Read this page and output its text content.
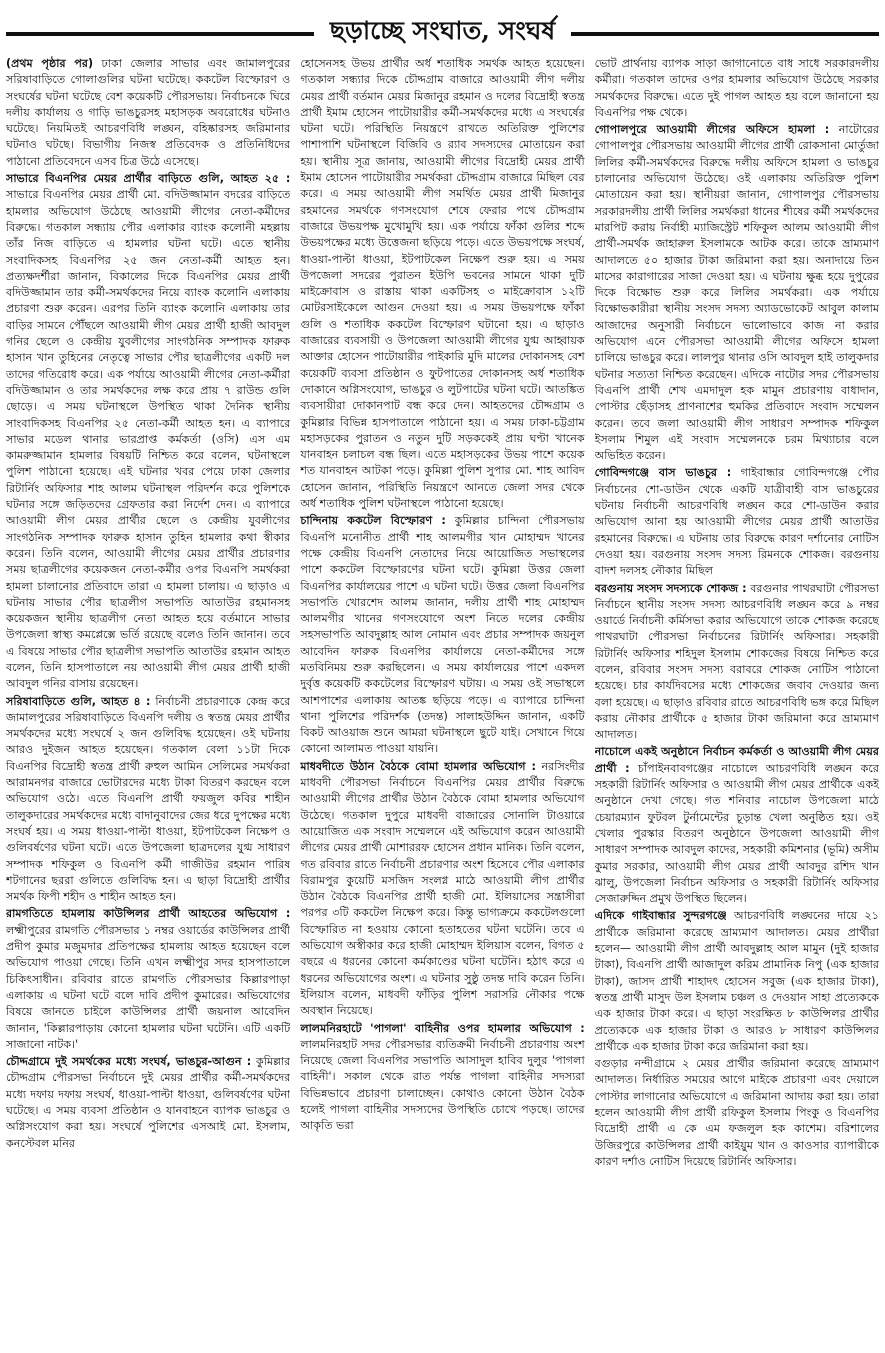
ছড়াচ্ছে সংঘাত, সংঘর্ষ

(প্রথম পৃষ্ঠার পর) ঢাকা জেলার সাভার এবং জামালপুরের সরিষাবাড়িতে গোলাগুলির ঘটনা ঘটেছে। ককটেল বিস্ফোরণ ও সংঘর্ষের ঘটনা ঘটেছে বেশ কয়েকটি পৌরসভায়। নির্বাচনকে ঘিরে দলীয় কার্যালয় ও গাড়ি ভাঙচুরসহ মহাসড়ক অবরোধের ঘটনাও ঘটেছে। নিয়মিতই আচরণবিধি লঙ্ঘন, বহিষ্কারসহ জরিমানার ঘটনাও ঘটছে। বিভাগীয় নিজস্ব প্রতিবেদক ও প্রতিনিধিদের পাঠানো প্রতিবেদনে এসব চিত্র উঠে এসেছে।

সাভারে বিএনপির মেয়র প্রার্থীর বাড়িতে গুলি, আহত ২৫ : সাভারে বিএনপির মেয়র প্রার্থী মো. বদিউজ্জামান বদরের বাড়িতে হামলার অভিযোগ উঠেছে আওয়ামী লীগের নেতা-কর্মীদের বিরুদ্ধে। গতকাল সন্ধ্যায় পৌর এলাকার ব্যাংক কলোনী মহল্লায় তাঁর নিজ বাড়িতে এ হামলার ঘটনা ঘটে। এতে স্থানীয় সংবাদিকসহ বিএনপির ২৫ জন নেতা-কর্মী আহত হন। প্রত্যক্ষদর্শীরা জানান, বিকালের দিকে বিএনপির মেয়র প্রার্থী বদিউজ্জামান তার কর্মী-সমর্থকদের নিয়ে ব্যাংক কলোনি এলাকায় প্রচারণা শুরু করেন। এরপর তিনি ব্যাংক কলোনি এলাকায় তার বাড়ির সামনে পৌঁছলে আওয়ামী লীগ মেয়র প্রার্থী হাজী আবদুল গনির ছেলে ও কেন্দ্রীয় যুবলীগের সাংগঠনিক সম্পাদক ফারুক হাসান খান তুহিনের নেতৃত্বে সাভার পৌর ছাত্রলীগের একটি দল তাদের গতিরোধ করে। এক পর্যায়ে আওয়ামী লীগের নেতা-কর্মীরা বদিউজ্জামান ও তার সমর্থকদের লক্ষ করে প্রায় ৭ রাউন্ড গুলি ছোড়ে। এ সময় ঘটনাস্থলে উপস্থিত থাকা দৈনিক স্থানীয় সাংবাদিকসহ বিএনপির ২৫ নেতা-কর্মী আহত হন। এ ব্যাপারে সাভার মডেল থানার ভারপ্রাপ্ত কর্মকর্তা (ওসি) এস এম কামরুজ্জামান হামলার বিষয়টি নিশ্চিত করে বলেন, ঘটনাস্থলে পুলিশ পাঠানো হয়েছে। এই ঘটনার খবর পেয়ে ঢাকা জেলার রিটার্নিং অফিসার শাহ আলম ঘটনাস্থল পরিদর্শন করে পুলিশকে ঘটনার সঙ্গে জড়িতদের গ্রেফতার করা নির্দেশ দেন। এ ব্যাপারে আওয়ামী লীগ মেয়র প্রার্থীর ছেলে ও কেন্দ্রীয় যুবলীগের সাংগঠনিক সম্পাদক ফারুক হাসান তুহিন হামলার কথা স্বীকার করেন। তিনি বলেন, আওয়ামী লীগের মেয়র প্রার্থীর প্রচারণার সময় ছাত্রলীগের কয়েকজন নেতা-কর্মীর ওপর বিএনপি সমর্থকরা হামলা চালানোর প্রতিবাদে তারা এ হামলা চালায়। এ ছাড়াও এ ঘটনায় সাভার পৌর ছাত্রলীগ সভাপতি আতাউর রহমানসহ কয়েকজন স্থানীয় ছাত্রলীগ নেতা আহত হয়ে বর্তমানে সাভার উপজেলা স্বাস্থ্য কমপ্লেক্সে ভর্তি রয়েছে বলেও তিনি জানান। তবে এ বিষয়ে সাভার পৌর ছাত্রলীগ সভাপতি আতাউর রহমান আহত বলেন, তিনি হাসপাতালে নয় আওয়ামী লীগ মেয়র প্রার্থী হাজী আবদুল গনির বাসায় রয়েছেন।

সরিষাবাড়িতে গুলি, আহত ৪ : নির্বাচনী প্রচারণাকে কেন্দ্র করে জামালপুরের সরিষাবাড়িতে বিএনপি দলীয় ও স্বতন্ত্র মেয়র প্রার্থীর সমর্থকদের মধ্যে সংঘর্ষে ২ জন গুলিবিদ্ধ হয়েছেন। ওই ঘটনায় আরও দুইজন আহত হয়েছেন। গতকাল বেলা ১১টা দিকে বিএনপির বিদ্রোহী স্বতন্ত্র প্রার্থী রুহুল আমিন সেলিমের সমর্থকরা আরামনগর বাজারে ভোটারদের মধ্যে টাকা বিতরণ করছেন বলে অভিযোগ ওঠে। এতে বিএনপি প্রার্থী ফয়জুল কবির শাহীন তালুকদারের সমর্থকদের মধ্যে বাদানুবাদের জের ধরে দুপক্ষের মধ্যে সংঘর্ষ হয়। এ সময় ধাওয়া-পাল্টা ধাওয়া, ইটপাটকেল নিক্ষেপ ও গুলিবর্ষণের ঘটনা ঘটে। এতে উপজেলা ছাত্রদলের যুগ্ম সাধারণ সম্পাদক শফিকুল ও বিএনপি কর্মী গাজীউর রহমান পারিষ শটগানের ছররা গুলিতে গুলিবিদ্ধ হন। এ ছাড়া বিদ্রোহী প্রার্থীর সমর্থক ফিপী শহীদ ও শাহীন আহত হন।

রামগতিতে হামলায় কাউন্সিলর প্রার্থী আহতের অভিযোগ : লক্ষ্মীপুরের রামগতি পৌরসভার ১ নম্বর ওয়ার্ডের কাউন্সিলর প্রার্থী প্রদীপ কুমার মজুমদার প্রতিপক্ষের হামলায় আহত হয়েছেন বলে অভিযোগ পাওয়া গেছে। তিনি এখন লক্ষ্মীপুর সদর হাসপাতালে চিকিৎসাধীন। রবিবার রাতে রামগতি পৌরসভার কিল্লারপাড়া এলাকায় এ ঘটনা ঘটে বলে দাবি প্রদীপ কুমারের। অভিযোগের বিষয়ে জানতে চাইলে কাউন্সিলর প্রার্থী জয়নাল আবেদিন জানান, 'কিল্লারপাড়ায় কোনো হামলার ঘটনা ঘটেনি। এটি একটি সাজানো নাটক।'

চৌদ্দগ্রামে দুই সমর্থকের মধ্যে সংঘর্ষ, ভাঙচুর-আগুন : কুমিল্লার চৌদ্দগ্রাম পৌরসভা নির্বাচনে দুই মেয়র প্রার্থীর কর্মী-সমর্থকদের মধ্যে দফায় দফায় সংঘর্ষ, ধাওয়া-পাল্টা ধাওয়া, গুলিবর্ষণের ঘটনা ঘটেছে। এ সময় ব্যবসা প্রতিষ্ঠান ও যানবাহনে ব্যাপক ভাঙচুর ও অগ্নিসংযোগ করা হয়। সংঘর্ষে পুলিশের এসআই মো. ইসলাম, কনস্টেবল মনির

হোসেনসহ উভয় প্রার্থীর অর্ধ শতাধিক সমর্থক আহত হয়েছেন। গতকাল সন্ধ্যার দিকে চৌদ্দগ্রাম বাজারে আওয়ামী লীগ দলীয় মেয়র প্রার্থী বর্তমান মেয়র মিজানুর রহমান ও দলের বিদ্রোহী স্বতন্ত্র প্রার্থী ইমাম হোসেন পাটোয়ারীর কর্মী-সমর্থকদের মধ্যে এ সংঘর্ষের ঘটনা ঘটে। পরিস্থিতি নিয়ন্ত্রণে রাখতে অতিরিক্ত পুলিশের পাশাপাশি ঘটনাস্থলে বিজিবি ও র‌্যাব সদস্যদের মোতায়েন করা হয়। স্থানীয় সূত্র জানায়, আওয়ামী লীগের বিদ্রোহী মেয়র প্রার্থী ইমাম হোসেন পাটোয়ারীর সমর্থকরা চৌদ্দগ্রাম বাজারে মিছিল বের করে। এ সময় আওয়ামী লীগ সমর্থিত মেয়র প্রার্থী মিজানুর রহমানের সমর্থকে গণসংযোগ শেষে ফেরার পথে চৌদ্দগ্রাম বাজারে উভয়পক্ষ মুখোমুখি হয়। এক পর্যায়ে ফাঁকা গুলির শব্দে উভয়পক্ষের মধ্যে উত্তেজনা ছড়িয়ে পড়ে। এতে উভয়পক্ষে সংঘর্ষ, ধাওয়া-পাল্টা ধাওয়া, ইটপাটকেল নিক্ষেপ শুরু হয়। এ সময় উপজেলা সদরের পুরাতন ইউপি ভবনের সামনে থাকা দুটি মাইক্রোবাস ও রাস্তায় থাকা একটিসহ ৩ মাইক্রোবাস ১২টি মোটরসাইকেলে আগুন দেওয়া হয়। এ সময় উভয়পক্ষে ফাঁকা গুলি ও শতাধিক ককটেল বিস্ফোরণ ঘটানো হয়। এ ছাড়াও বাজারের ব্যবসায়ী ও উপজেলা আওয়ামী লীগের যুগ্ম আহ্বায়ক আক্তার হোসেন পাটোয়ারীর পাইকারি মুদি মালের দোকানসহ বেশ কয়েকটি ব্যবসা প্রতিষ্ঠান ও ফুটপাতের দোকানসহ অর্ধ শতাধিক দোকানে অগ্নিসংযোগ, ভাঙচুর ও লুটপাটের ঘটনা ঘটে। আতঙ্কিত ব্যবসায়ীরা দোকানপাট বন্ধ করে দেন। আহতদের চৌদ্দগ্রাম ও কুমিল্লার বিভিন্ন হাসপাতালে পাঠানো হয়। এ সময় ঢাকা-চট্টগ্রাম মহাসড়কের পুরাতন ও নতুন দুটি সড়ককেই প্রায় ঘণ্টা খানেক যানবাহন চলাচল বন্ধ ছিল। এতে মহাসড়কের উভয় পাশে কয়েক শত যানবাহন আটকা পড়ে। কুমিল্লা পুলিশ সুপার মো. শাহ আবিদ হোসেন জানান, পরিস্থিতি নিয়ন্ত্রণে আনতে জেলা সদর থেকে অর্ধ শতাধিক পুলিশ ঘটনাস্থলে পাঠানো হয়েছে।

চান্দিনায় ককটেল বিস্ফোরণ : কুমিল্লার চান্দিনা পৌরসভায় বিএনপি মনোনীত প্রার্থী শাহ আলমগীর খান মোহাম্মদ খানের পক্ষে কেন্দ্রীয় বিএনপি নেতাদের নিয়ে আয়োজিত সভাস্থলের পাশে ককটেল বিস্ফোরণের ঘটনা ঘটে। কুমিল্লা উত্তর জেলা বিএনপির কার্যালয়ের পাশে এ ঘটনা ঘটে। উত্তর জেলা বিএনপির সভাপতি খোরশেদ আলম জানান, দলীয় প্রার্থী শাহ মোহাম্মদ আলমগীর খানের গণসংযোগে অংশ নিতে দলের কেন্দ্রীয় সহসভাপতি আবদুল্লাহ আল নোমান এবং প্রচার সম্পাদক জয়নুল আবেদিন ফারুক বিএনপির কার্যালয়ে নেতা-কর্মীদের সঙ্গে মতবিনিময় শুরু করছিলেন। এ সময় কার্যালয়ের পাশে একদল দুর্বৃত্ত কয়েকটি ককটেলের বিস্ফোরণ ঘটায়। এ সময় ওই সভাস্থলে আশপাশের এলাকায় আতঙ্ক ছড়িয়ে পড়ে। এ ব্যাপারে চান্দিনা থানা পুলিশের পরিদর্শক (তদন্ত) সালাহউদ্দিন জানান, একটি বিকট আওয়াজ শুনে আমরা ঘটনাস্থলে ছুটে যাই। সেখানে গিয়ে কোনো আলামত পাওয়া যায়নি।

মাধবদীতে উঠান বৈঠকে বোমা হামলার অভিযোগ : নরসিংদীর মাধবদী পৌরসভা নির্বাচনে বিএনপির মেয়র প্রার্থীর বিরুদ্ধে আওয়ামী লীগের প্রার্থীর উঠান বৈঠকে বোমা হামলার অভিযোগ উঠেছে। গতকাল দুপুরে মাধবদী বাজারের সোনালি টাওয়ারে আয়োজিত এক সংবাদ সম্মেলনে এই অভিযোগ করেন আওয়ামী লীগের মেয়র প্রার্থী মোশাররফ হোসেন প্রধান মানিক। তিনি বলেন, গত রবিবার রাতে নির্বাচনী প্রচারণার অংশ হিসেবে পৌর এলাকার বিরামপুর কুয়েটি মসজিদ সংলগ্ন মাঠে আওয়ামী লীগ প্রার্থীর উঠান বৈঠকে বিএনপির প্রার্থী হাজী মো. ইলিয়াসের সন্ত্রাসীরা পরপর ৩টি ককটেল নিক্ষেপ করে। কিন্তু ভাগ্যক্রমে ককটেলগুলো বিস্ফোরিত না হওয়ায় কোনো হতাহতের ঘটনা ঘটেনি। তবে এ অভিযোগ অস্বীকার করে হাজী মোহাম্মদ ইলিয়াস বলেন, বিগত ৫ বছরে এ ধরনের কোনো কর্মকাণ্ডের ঘটনা ঘটেনি। হঠাৎ করে এ ধরনের অভিযোগের অংশ। এ ঘটনার সুষ্ঠু তদন্ত দাবি করেন তিনি। ইলিয়াস বলেন, মাধবদী ফাঁড়ির পুলিশ সরাসরি নৌকার পক্ষে অবস্থান নিয়েছে।

লালমনিরহাটে 'পাগলা' বাহিনীর ওপর হামলার অভিযোগ : লালমনিরহাট সদর পৌরসভার ব্যতিক্রমী নির্বাচনী প্রচারণায় অংশ নিয়েছে জেলা বিএনপির সভাপতি আসাদুল হাবিব দুলুর 'পাগলা বাহিনী'। সকাল থেকে রাত পর্যন্ত পাগলা বাহিনীর সদস্যরা বিভিন্নভাবে প্রচারণা চালাচ্ছেন। কোথাও কোনো উঠান বৈঠক হলেই পাগলা বাহিনীর সদস্যদের উপস্থিতি চোখে পড়ছে। তাদের আকৃতি ভরা

ভোট প্রার্থনায় ব্যাপক সাড়া জাগানোতে বাধ সাধে সরকারদলীয় কর্মীরা। গতকাল তাদের ওপর হামলার অভিযোগ উঠেছে সরকার সমর্থকদের বিরুদ্ধে। এতে দুই পাগল আহত হয় বলে জানানো হয় বিএনপির পক্ষ থেকে।

গোপালপুরে আওয়ামী লীগের অফিসে হামলা : নাটোরের গোপালপুর পৌরসভায় আওয়ামী লীগের প্রার্থী রোকসানা মোর্তুজা লিলির কর্মী-সমর্থকদের বিরুদ্ধে দলীয় অফিসে হামলা ও ভাঙচুর চালানোর অভিযোগ উঠেছে। ওই এলাকায় অতিরিক্ত পুলিশ মোতায়েন করা হয়। স্থানীয়রা জানান, গোপালপুর পৌরসভায় সরকারদলীয় প্রার্থী লিলির সমর্থকরা ধানের শীষের কর্মী সমর্থকদের মারপিট করায় নির্বাহী ম্যাজিস্ট্রেট শফিকুল আলম আওয়ামী লীগ প্রার্থী-সমর্থক জাহারুল ইসলামকে আটক করে। তাকে ভ্রাম্যমাণ আদালতে ৫০ হাজার টাকা জরিমানা করা হয়। অনাদায়ে তিন মাসের কারাগারের সাজা দেওয়া হয়। এ ঘটনায় ক্ষুব্ধ হয়ে দুপুরের দিকে বিক্ষোভ শুরু করে লিলির সমর্থকরা। এক পর্যায়ে বিক্ষোভকারীরা স্থানীয় সংসদ সদস্য অ্যাডভোকেট আবুল কালাম আজাদের অনুসারী নির্বাচনে ভালোভাবে কাজ না করার অভিযোগ এনে পৌরসভা আওয়ামী লীগের অফিসে হামলা চালিয়ে ভাঙচুর করে। লালপুর থানার ওসি আবদুল হাই তালুকদার ঘটনার সত্যতা নিশ্চিত করেছেন। এদিকে নাটোর সদর পৌরসভায় বিএনপি প্রার্থী শেখ এমদাদুল হক মামুন প্রচারণায় বাধাদান, পোস্টার ছেঁড়াসহ প্রাণনাশের হুমকির প্রতিবাদে সংবাদ সম্মেলন করেন। তবে জলা আওয়ামী লীগ সাধারণ সম্পাদক শফিকুল ইসলাম শিমুল এই সংবাদ সম্মেলনকে চরম মিথ্যাচার বলে অভিহিত করেন।

গোবিন্দগঞ্জে বাস ভাঙচুর : গাইবান্ধার গোবিন্দগঞ্জে পৌর নির্বাচনের শো-ডাউন থেকে একটি যাত্রীবাহী বাস ভাঙচুরের ঘটনায় নির্বাচনী আচরণবিধি লঙ্ঘন করে শো-ডাউন করার অভিযোগ আনা হয় আওয়ামী লীগের মেয়র প্রার্থী আতাউর রহমানের বিরুদ্ধে। এ ঘটনায় তার বিরুদ্ধে কারণ দর্শানোর নোটিস দেওয়া হয়। বরগুনায় সংসদ সদস্য রিমনকে শোকজ। বরগুনায় বাদশ দলসহ নৌকার মিছিল

বরগুনায় সংসদ সদস্যকে শোকজ : বরগুনার পাথরঘাটা পৌরসভা নির্বাচনে স্থানীয় সংসদ সদস্য আচরণবিধি লঙ্ঘন করে ৯ নম্বর ওয়ার্ডে নির্বাচনী কর্মিসভা করার অভিযোগে তাকে শোকজ করেছে পাথরঘাটা পৌরসভা নির্বাচনের রিটার্নিং অফিসার। সহকারী রিটার্নিং অফিসার শহিদুল ইসলাম শোকজের বিষয়ে নিশ্চিত করে বলেন, রবিবার সংসদ সদস্য বরাবরে শোকজ নোটিস পাঠানো হয়েছে। চার কার্যদিবসের মধ্যে শোকজের জবাব দেওয়ার জন্য বলা হয়েছে। এ ছাড়াও রবিবার রাতে আচরণবিধি ভঙ্গ করে মিছিল করায় নৌকার প্রার্থীকে ৫ হাজার টাকা জরিমানা করে ভ্রাম্যমাণ আদালত।

নাচোলে একই অনুষ্ঠানে নির্বাচন কর্মকর্তা ও আওয়ামী লীগ মেয়র প্রার্থী : চাঁপাইনবাবগঞ্জের নাচোলে আচরণবিধি লঙ্ঘন করে সহকারী রিটার্নিং অফিসার ও আওয়ামী লীগ মেয়র প্রার্থীকে একই অনুষ্ঠানে দেখা গেছে। গত শনিবার নাচোল উপজেলা মাঠে চেয়ারম্যান ফুটবল টুর্নামেন্টের চূড়ান্ত খেলা অনুষ্ঠিত হয়। ওই খেলার পুরস্কার বিতরণ অনুষ্ঠানে উপজেলা আওয়ামী লীগ সাধারণ সম্পাদক আবদুল কাদের, সহকারী কমিশনার (ভূমি) অসীম কুমার সরকার, আওয়ামী লীগ মেয়র প্রার্থী আবদুর রশিদ খান ঝালু, উপজেলা নির্বাচন অফিসার ও সহকারী রিটার্নিং অফিসার সেজারুদ্দিন প্রমুখ উপস্থিত ছিলেন।

এদিকে গাইবান্ধার সুন্দরগঞ্জে আচরণবিধি লঙ্ঘনের দায়ে ২১ প্রার্থীকে জরিমানা করেছে ভ্রাম্যমাণ আদালত। মেয়র প্রার্থীরা হলেন— আওয়ামী লীগ প্রার্থী আবদুল্লাহ আল মামুন (দুই হাজার টাকা), বিএনপি প্রার্থী আজাদুল করিম প্রামানিক নিপু (এক হাজার টাকা), জাসদ প্রার্থী শাহাদৎ হোসেন সবুজ (এক হাজার টাকা), স্বতন্ত্র প্রার্থী মাসুদ উল ইসলাম চঞ্চল ও দেওয়ান সাহা প্রত্যেককে এক হাজার টাকা করে। এ ছাড়া সংরক্ষিত ৮ কাউন্সিলর প্রার্থীর প্রত্যেককে এক হাজার টাকা ও আরও ৮ সাধারণ কাউন্সিলর প্রার্থীকে এক হাজার টাকা করে জরিমানা করা হয়।

বগুড়ার নন্দীগ্রামে ২ মেয়র প্রার্থীর জরিমানা করেছে ভ্রাম্যমাণ আদালত। নির্ধারিত সময়ের আগে মাইকে প্রচারণা এবং দেয়ালে পোস্টার লাগানোর অভিযোগে এ জরিমানা আদায় করা হয়। তারা হলেন আওয়ামী লীগ প্রার্থী রফিকুল ইসলাম পিংকু ও বিএনপির বিদ্রোহী প্রার্থী এ কে এম ফজলুল হক কাশেম। বরিশালের উজিরপুরে কাউন্সিলর প্রার্থী কাইয়ুম খান ও কাওসার ব্যাপারীকে কারণ দর্শাও নোটিস দিয়েছে রিটার্নিং অফিসার।
